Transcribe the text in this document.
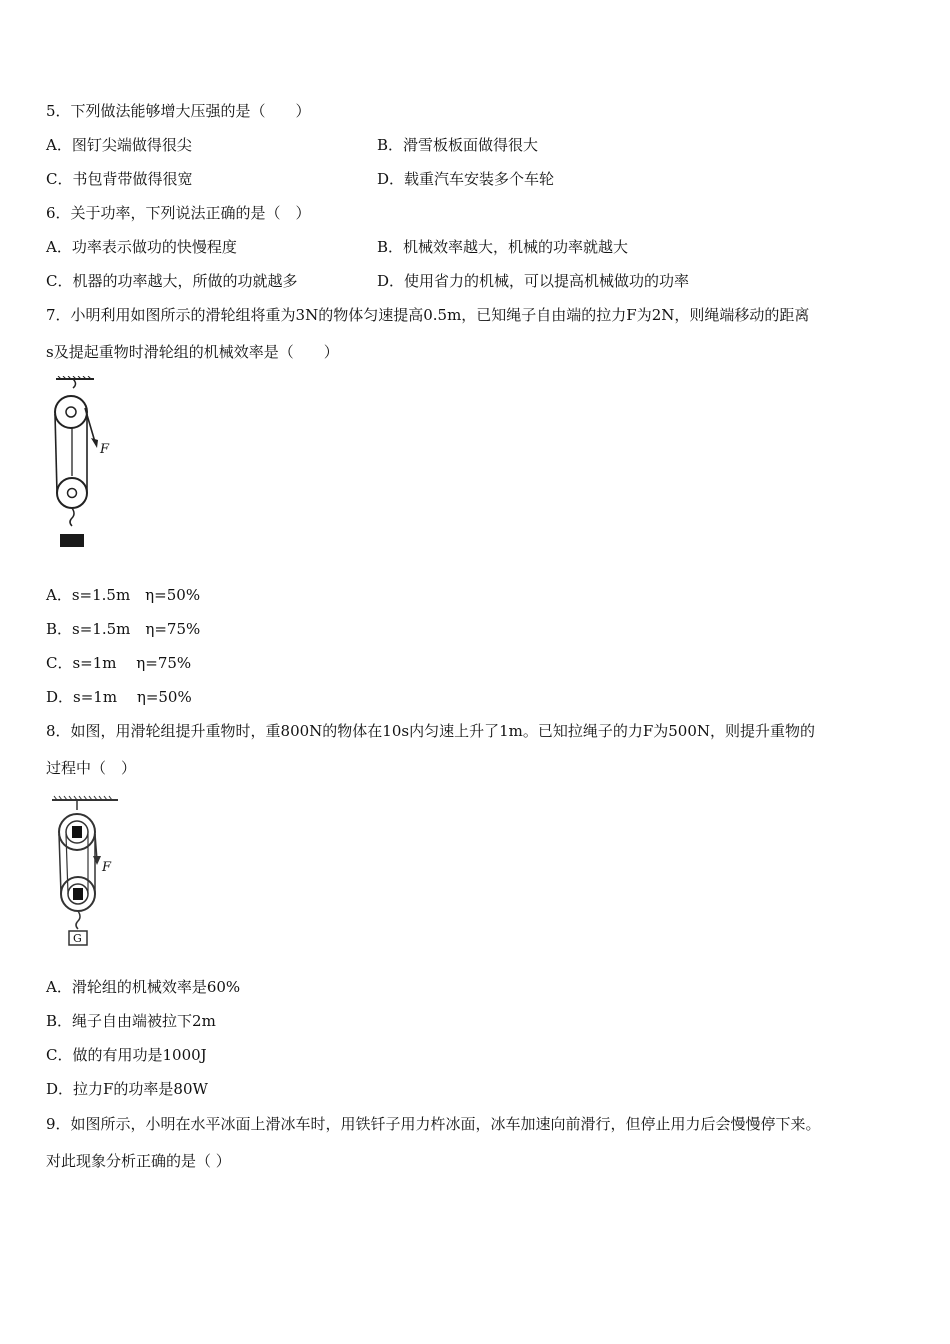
5．下列做法能够增大压强的是（　　）
A．图钉尖端做得很尖	B．滑雪板板面做得很大
C．书包背带做得很宽	D．载重汽车安装多个车轮
6．关于功率，下列说法正确的是（　）
A．功率表示做功的快慢程度	B．机械效率越大，机械的功率就越大
C．机器的功率越大，所做的功就越多	D．使用省力的机械，可以提高机械做功的功率
7．小明利用如图所示的滑轮组将重为3N的物体匀速提高0.5m，已知绳子自由端的拉力F为2N，则绳端移动的距离
s及提起重物时滑轮组的机械效率是（　　）
F
A．s=1.5m　η=50%
B．s=1.5m　η=75%
C．s=1m　 η=75%
D．s=1m　 η=50%
8．如图，用滑轮组提升重物时，重800N的物体在10s内匀速上升了1m。已知拉绳子的力F为500N，则提升重物的
过程中（　）
F
G
A．滑轮组的机械效率是60%
B．绳子自由端被拉下2m
C．做的有用功是1000J
D．拉力F的功率是80W
9．如图所示，小明在水平冰面上滑冰车时，用铁钎子用力杵冰面，冰车加速向前滑行，但停止用力后会慢慢停下来。
对此现象分析正确的是（ ）
